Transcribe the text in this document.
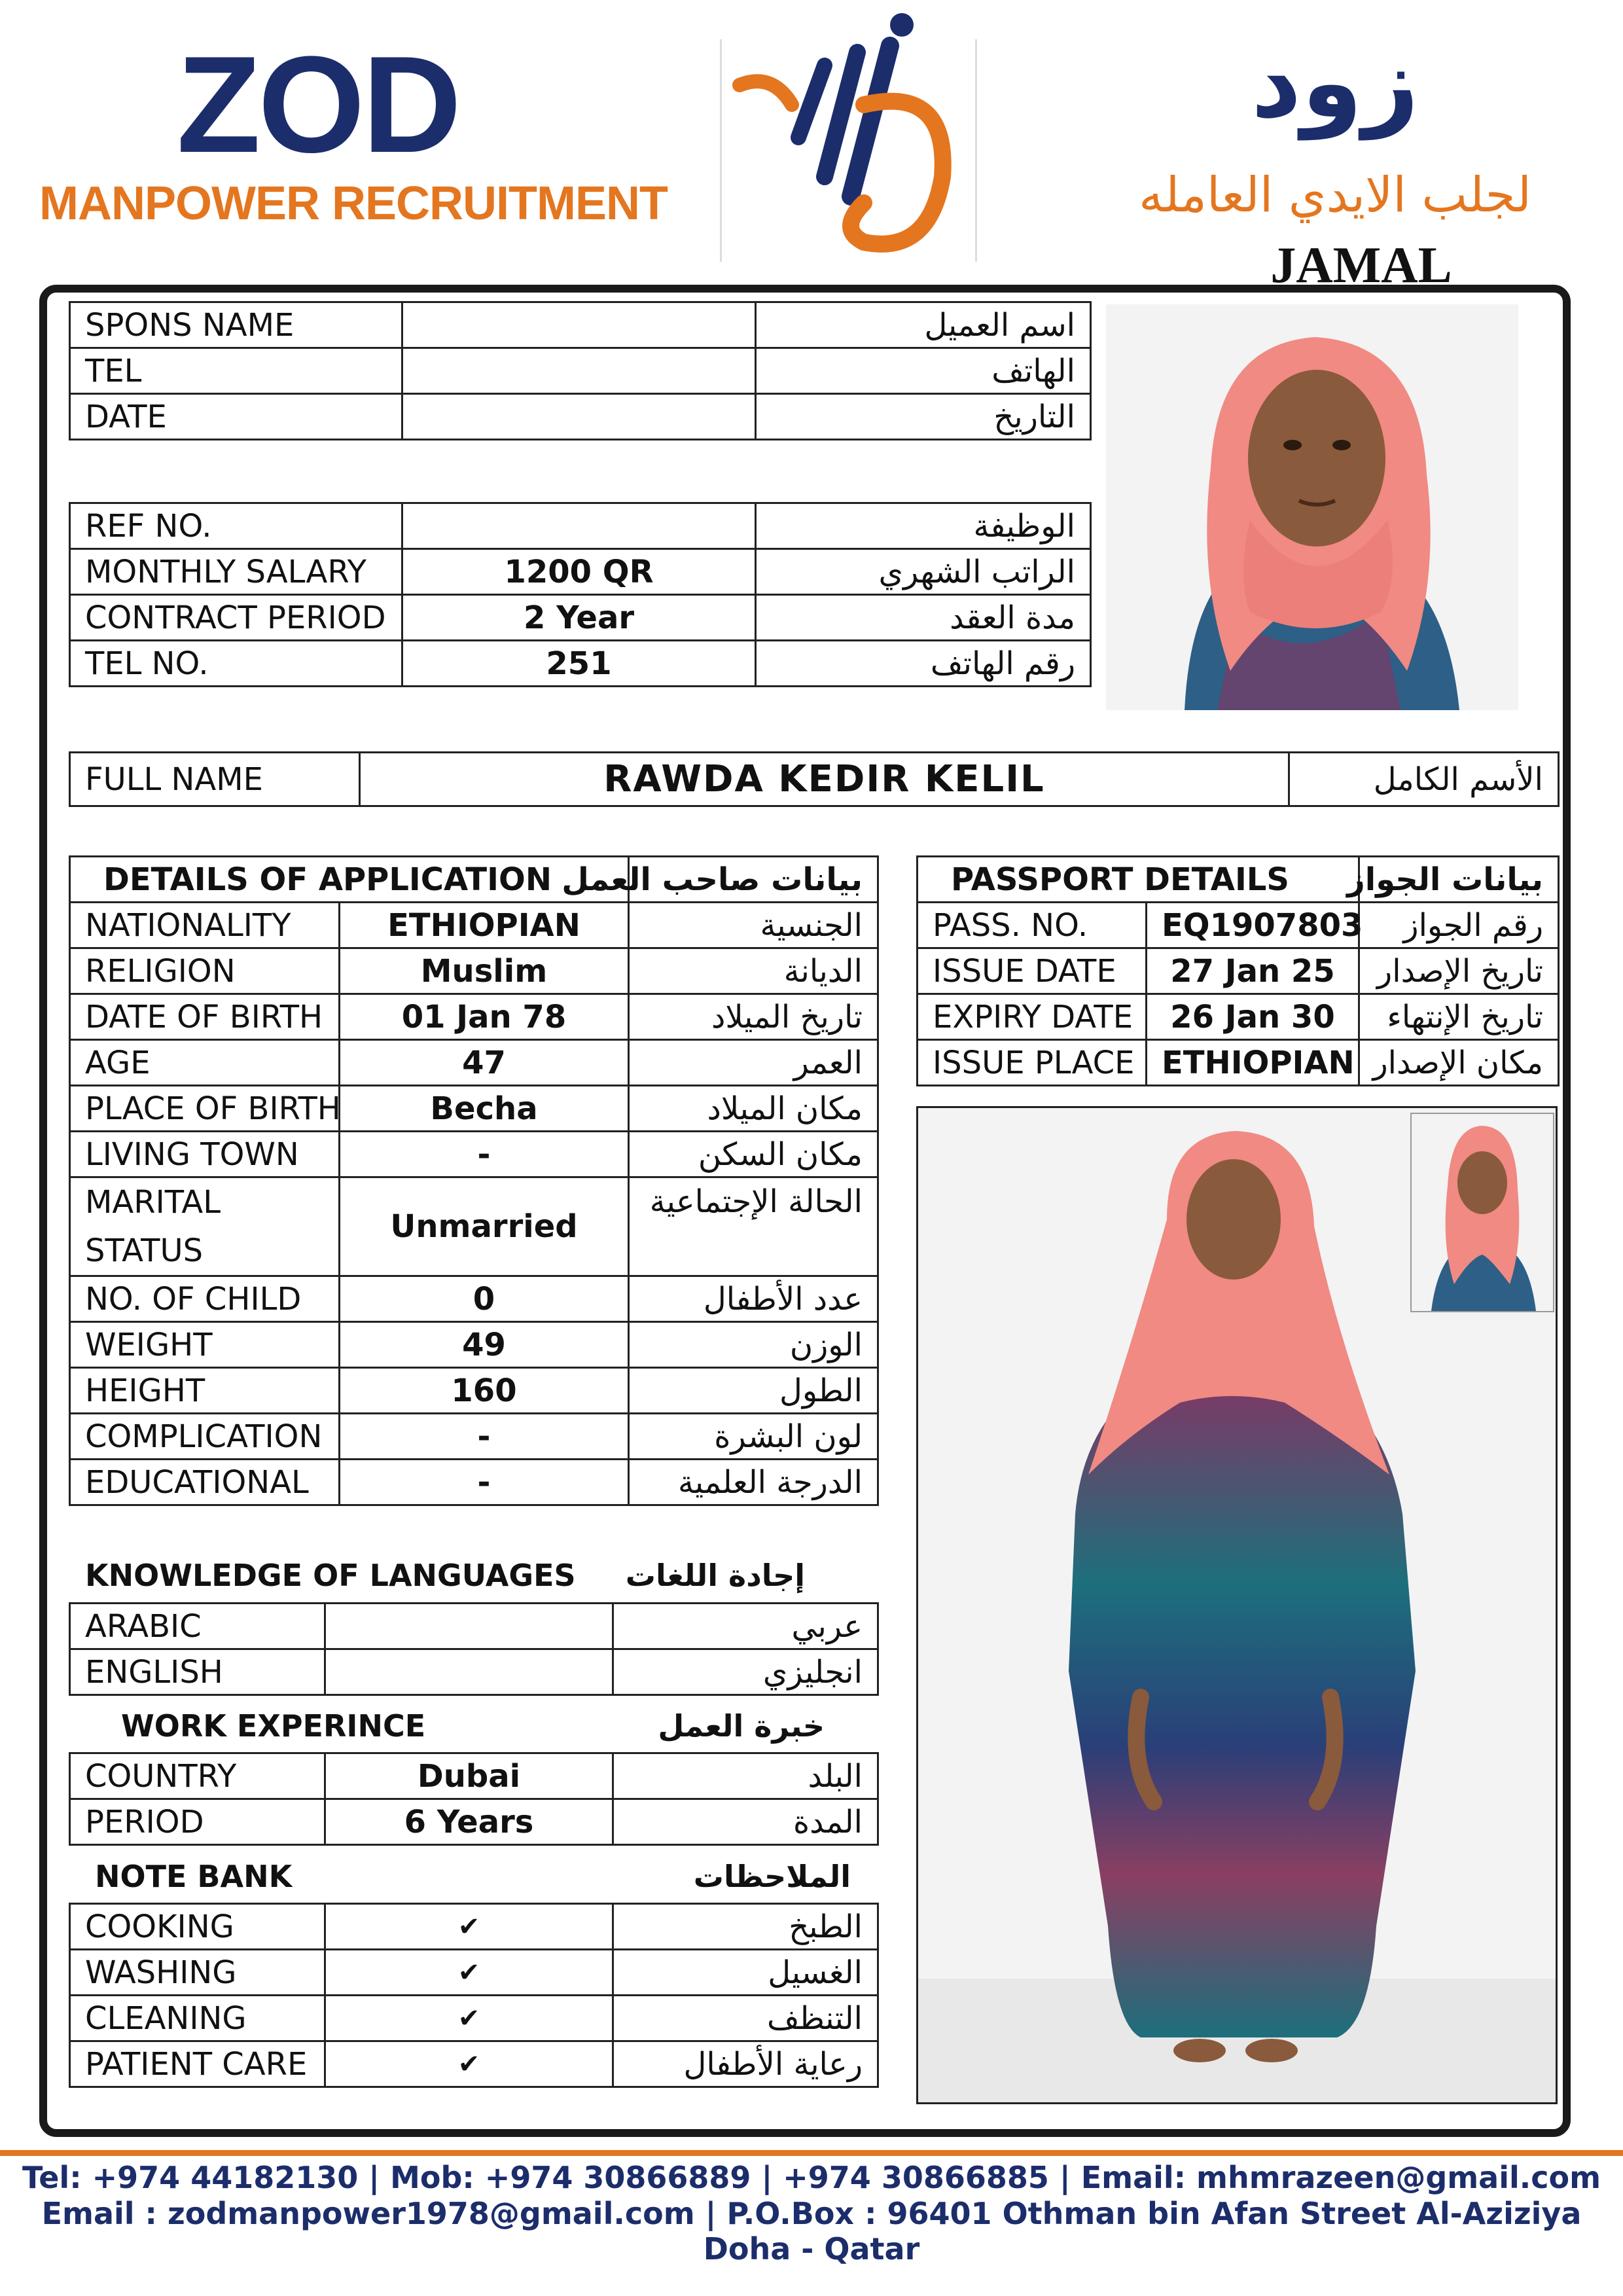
ZOD
MANPOWER RECRUITMENT
زود
لجلب الايدي العامله
JAMAL
SPONS NAME		اسم العميل
TEL		الهاتف
DATE		التاريخ
REF NO.		الوظيفة
MONTHLY SALARY	1200 QR	الراتب الشهري
CONTRACT PERIOD	2 Year	مدة العقد
TEL NO.	251	رقم الهاتف
FULL NAME	RAWDA KEDIR KELIL	الأسم الكامل
DETAILS OF APPLICATION		بيانات صاحب العمل
NATIONALITY	ETHIOPIAN	الجنسية
RELIGION	Muslim	الديانة
DATE OF BIRTH	01 Jan 78	تاريخ الميلاد
AGE	47	العمر
PLACE OF BIRTH	Becha	مكان الميلاد
LIVING TOWN	-	مكان السكن
MARITAL
STATUS	Unmarried	الحالة الإجتماعية
NO. OF CHILD	0	عدد الأطفال
WEIGHT	49	الوزن
HEIGHT	160	الطول
COMPLICATION	-	لون البشرة
EDUCATIONAL	-	الدرجة العلمية
KNOWLEDGE OF LANGUAGES	إجادة اللغات
ARABIC		عربي
ENGLISH		انجليزي
WORK EXPERINCE	خبرة العمل
COUNTRY	Dubai	البلد
PERIOD	6 Years	المدة
NOTE BANK	الملاحظات
COOKING	✔	الطبخ
WASHING	✔	الغسيل
CLEANING	✔	التنظف
PATIENT CARE	✔	رعاية الأطفال
PASSPORT DETAILS		بيانات الجواز
PASS. NO.	EQ1907803	رقم الجواز
ISSUE DATE	27 Jan 25	تاريخ الإصدار
EXPIRY DATE	26 Jan 30	تاريخ الإنتهاء
ISSUE PLACE	ETHIOPIAN	مكان الإصدار
Tel: +974 44182130 | Mob: +974 30866889 | +974 30866885 | Email: mhmrazeen@gmail.com
Email : zodmanpower1978@gmail.com | P.O.Box : 96401 Othman bin Afan Street Al-Aziziya Doha - Qatar
